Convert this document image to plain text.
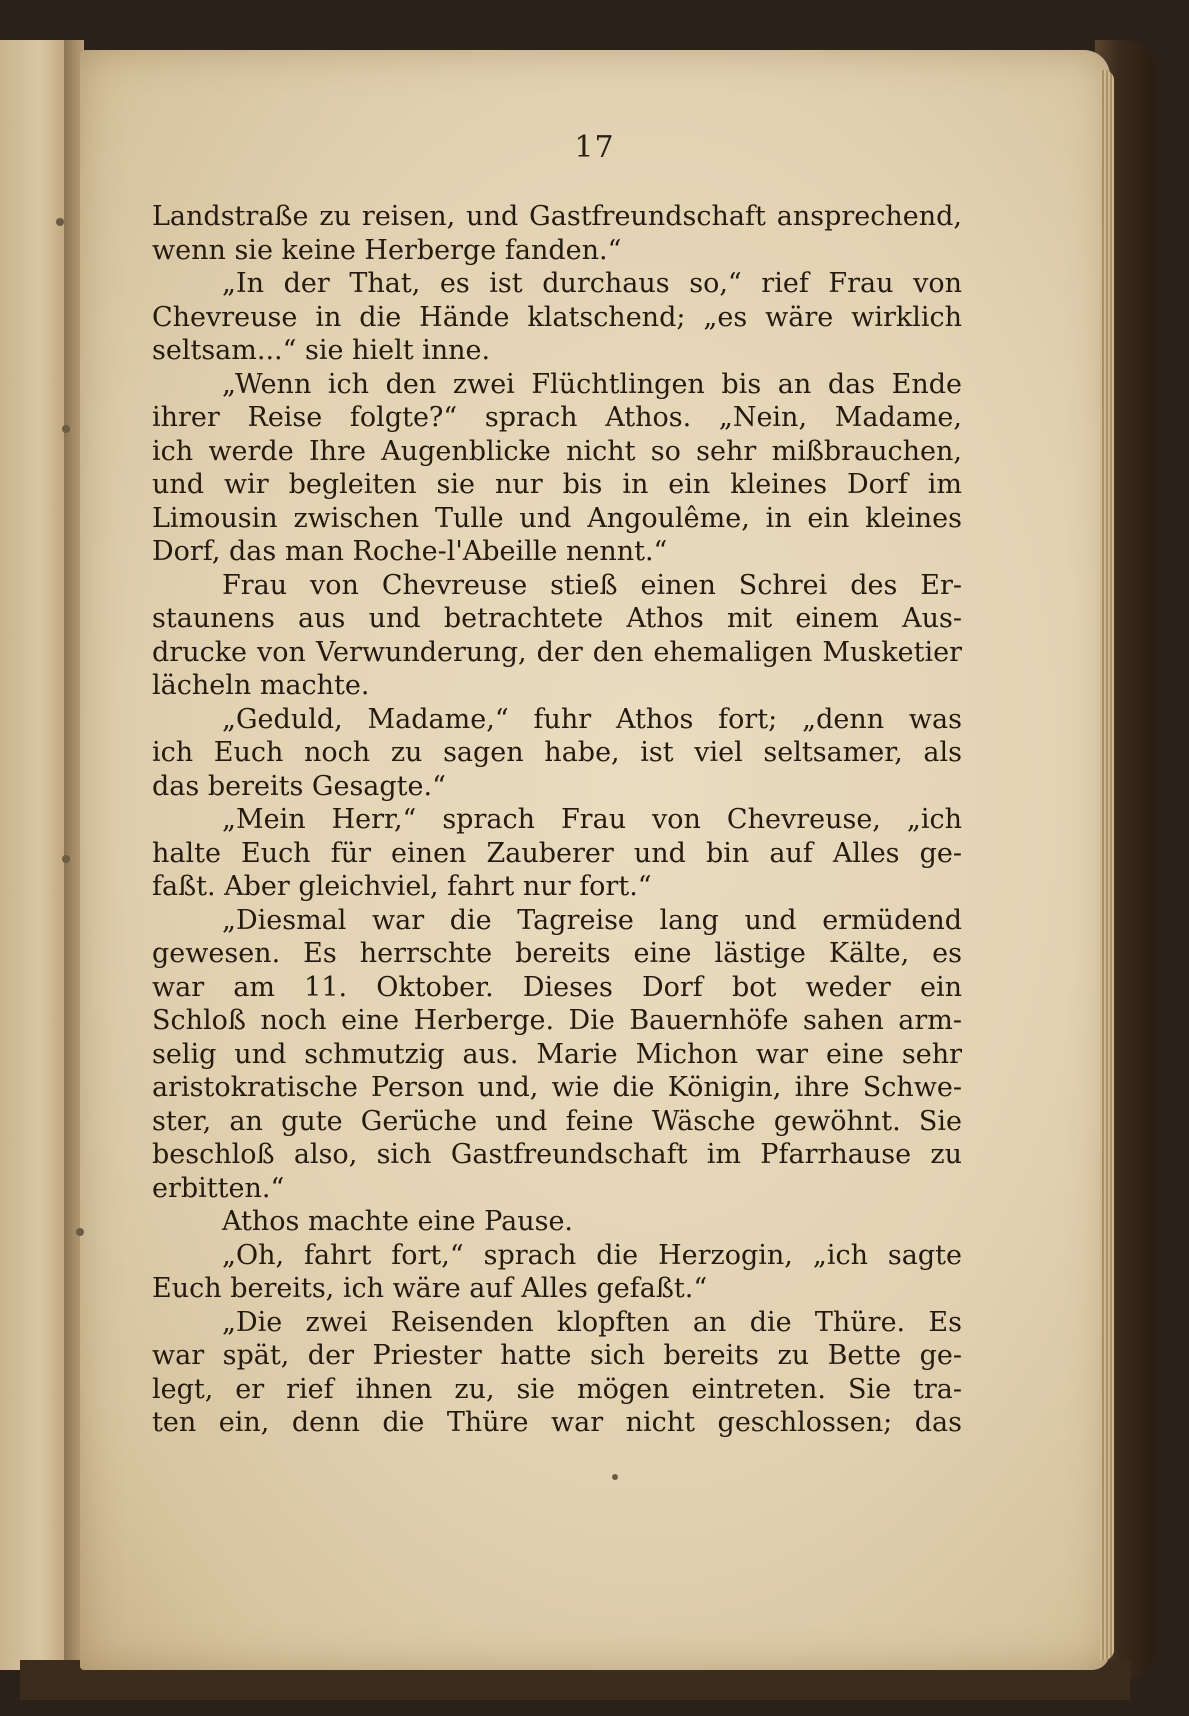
17
Landstraße zu reisen, und Gastfreundschaft ansprechend,
wenn sie keine Herberge fanden.“
„In der That, es ist durchaus so,“ rief Frau von
Chevreuse in die Hände klatschend; „es wäre wirklich
seltsam...“ sie hielt inne.
„Wenn ich den zwei Flüchtlingen bis an das Ende
ihrer Reise folgte?“ sprach Athos. „Nein, Madame,
ich werde Ihre Augenblicke nicht so sehr mißbrauchen,
und wir begleiten sie nur bis in ein kleines Dorf im
Limousin zwischen Tulle und Angoulême, in ein kleines
Dorf, das man Roche-l'Abeille nennt.“
Frau von Chevreuse stieß einen Schrei des Er-
staunens aus und betrachtete Athos mit einem Aus-
drucke von Verwunderung, der den ehemaligen Musketier
lächeln machte.
„Geduld, Madame,“ fuhr Athos fort; „denn was
ich Euch noch zu sagen habe, ist viel seltsamer, als
das bereits Gesagte.“
„Mein Herr,“ sprach Frau von Chevreuse, „ich
halte Euch für einen Zauberer und bin auf Alles ge-
faßt. Aber gleichviel, fahrt nur fort.“
„Diesmal war die Tagreise lang und ermüdend
gewesen. Es herrschte bereits eine lästige Kälte, es
war am 11. Oktober. Dieses Dorf bot weder ein
Schloß noch eine Herberge. Die Bauernhöfe sahen arm-
selig und schmutzig aus. Marie Michon war eine sehr
aristokratische Person und, wie die Königin, ihre Schwe-
ster, an gute Gerüche und feine Wäsche gewöhnt. Sie
beschloß also, sich Gastfreundschaft im Pfarrhause zu
erbitten.“
Athos machte eine Pause.
„Oh, fahrt fort,“ sprach die Herzogin, „ich sagte
Euch bereits, ich wäre auf Alles gefaßt.“
„Die zwei Reisenden klopften an die Thüre. Es
war spät, der Priester hatte sich bereits zu Bette ge-
legt, er rief ihnen zu, sie mögen eintreten. Sie tra-
ten ein, denn die Thüre war nicht geschlossen; das
